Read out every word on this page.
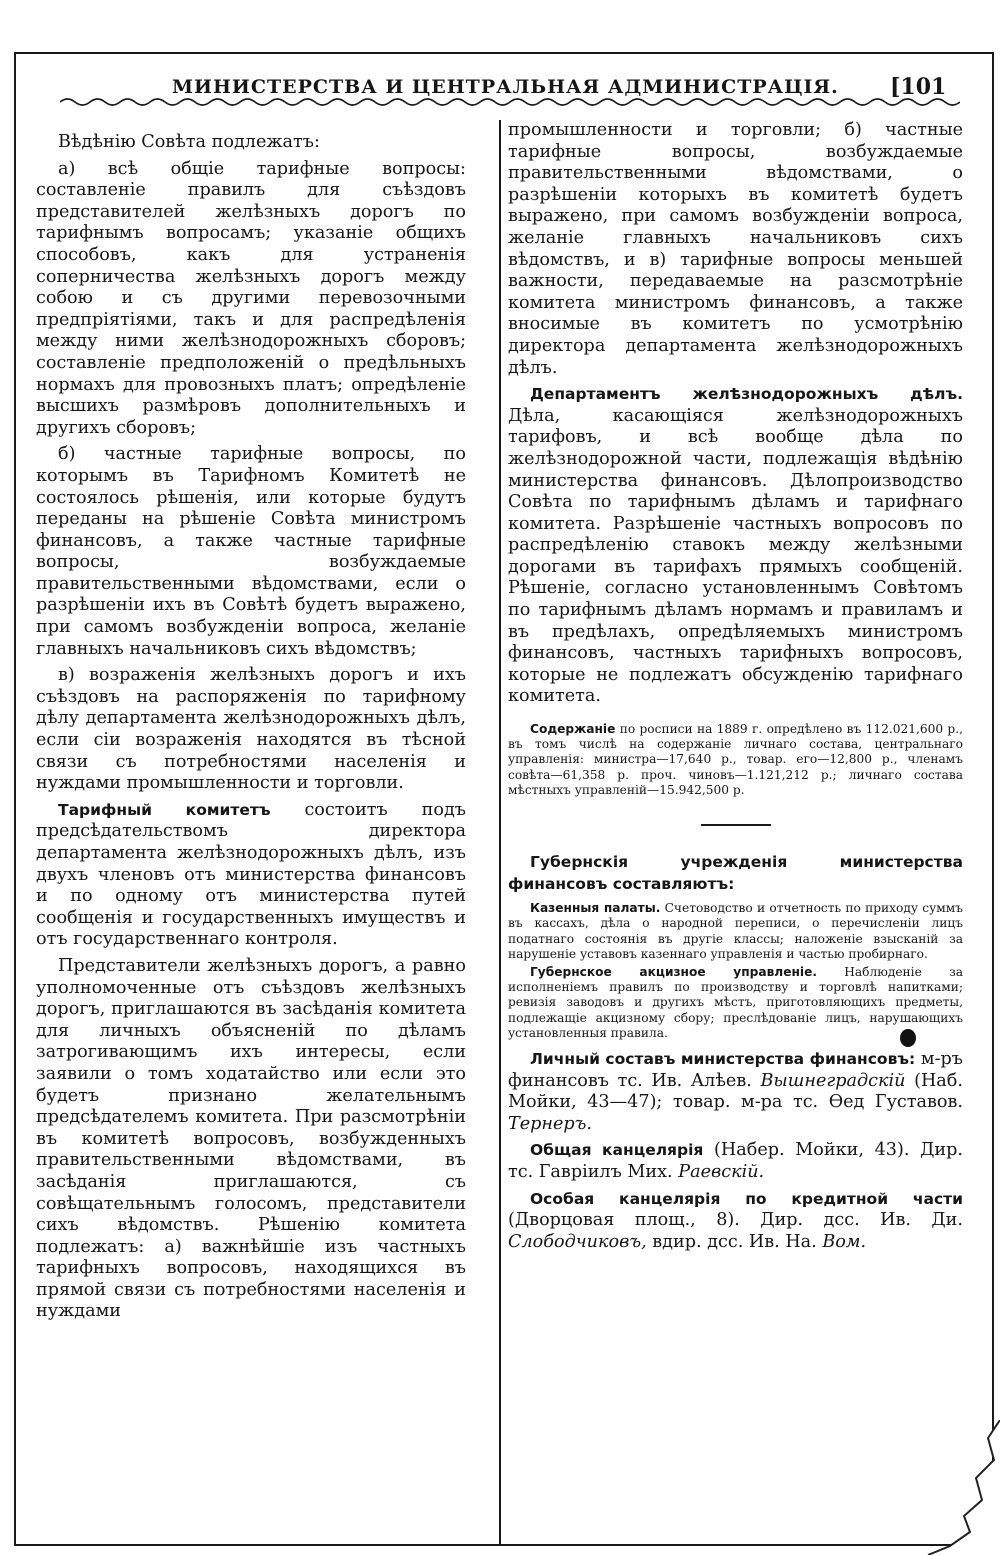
МИНИСТЕРСТВА И ЦЕНТРАЛЬНАЯ АДМИНИСТРАЦІЯ. [101

Вѣдѣнію Совѣта подлежатъ:

а) всѣ общіе тарифные вопросы: составленіе правилъ для съѣздовъ представителей желѣзныхъ дорогъ по тарифнымъ вопросамъ; указаніе общихъ способовъ, какъ для устраненія соперничества желѣзныхъ дорогъ между собою и съ другими перевозочными предпріятіями, такъ и для распредѣленія между ними желѣзнодорожныхъ сборовъ; составленіе предположеній о предѣльныхъ нормахъ для провозныхъ платъ; опредѣленіе высшихъ размѣровъ дополнительныхъ и другихъ сборовъ;

б) частные тарифные вопросы, по которымъ въ Тарифномъ Комитетѣ не состоялось рѣшенія, или которые будутъ переданы на рѣшеніе Совѣта министромъ финансовъ, а также частные тарифные вопросы, возбуждаемые правительственными вѣдомствами, если о разрѣшеніи ихъ въ Совѣтѣ будетъ выражено, при самомъ возбужденіи вопроса, желаніе главныхъ начальниковъ сихъ вѣдомствъ;

в) возраженія желѣзныхъ дорогъ и ихъ съѣздовъ на распоряженія по тарифному дѣлу департамента желѣзнодорожныхъ дѣлъ, если сіи возраженія находятся въ тѣсной связи съ потребностями населенія и нуждами промышленности и торговли.

Тарифный комитетъ состоитъ подъ предсѣдательствомъ директора департамента желѣзнодорожныхъ дѣлъ, изъ двухъ членовъ отъ министерства финансовъ и по одному отъ министерства путей сообщенія и государственныхъ имуществъ и отъ государственнаго контроля.

Представители желѣзныхъ дорогъ, а равно уполномоченные отъ съѣздовъ желѣзныхъ дорогъ, приглашаются въ засѣданія комитета для личныхъ объясненій по дѣламъ затрогивающимъ ихъ интересы, если заявили о томъ ходатайство или если это будетъ признано желательнымъ предсѣдателемъ комитета. При разсмотрѣніи въ комитетѣ вопросовъ, возбужденныхъ правительственными вѣдомствами, въ засѣданія приглашаются, съ совѣщательнымъ голосомъ, представители сихъ вѣдомствъ. Рѣшенію комитета подлежатъ: а) важнѣйшіе изъ частныхъ тарифныхъ вопросовъ, находящихся въ прямой связи съ потребностями населенія и нуждами

промышленности и торговли; б) частные тарифные вопросы, возбуждаемые правительственными вѣдомствами, о разрѣшеніи которыхъ въ комитетѣ будетъ выражено, при самомъ возбужденіи вопроса, желаніе главныхъ начальниковъ сихъ вѣдомствъ, и в) тарифные вопросы меньшей важности, передаваемые на разсмотрѣніе комитета министромъ финансовъ, а также вносимые въ комитетъ по усмотрѣнію директора департамента желѣзнодорожныхъ дѣлъ.

Департаментъ желѣзнодорожныхъ дѣлъ. Дѣла, касающіяся желѣзнодорожныхъ тарифовъ, и всѣ вообще дѣла по желѣзнодорожной части, подлежащія вѣдѣнію министерства финансовъ. Дѣлопроизводство Совѣта по тарифнымъ дѣламъ и тарифнаго комитета. Разрѣшеніе частныхъ вопросовъ по распредѣленію ставокъ между желѣзными дорогами въ тарифахъ прямыхъ сообщеній. Рѣшеніе, согласно установленнымъ Совѣтомъ по тарифнымъ дѣламъ нормамъ и правиламъ и въ предѣлахъ, опредѣляемыхъ министромъ финансовъ, частныхъ тарифныхъ вопросовъ, которые не подлежатъ обсужденію тарифнаго комитета.

Содержаніе по росписи на 1889 г. опредѣлено въ 112.021,600 р., въ томъ числѣ на содержаніе личнаго состава, центральнаго управленія: министра—17,640 р., товар. его—12,800 р., членамъ совѣта—61,358 р. проч. чиновъ—1.121,212 р.; личнаго состава мѣстныхъ управленій—15.942,500 р.

Губернскія учрежденія министерства финансовъ составляютъ:

Казенныя палаты. Счетоводство и отчетность по приходу суммъ въ кассахъ, дѣла о народной переписи, о перечисленіи лицъ податнаго состоянія въ другіе классы; наложеніе взысканій за нарушеніе уставовъ казеннаго управленія и частью пробирнаго.

Губернское акцизное управленіе. Наблюденіе за исполненіемъ правилъ по производству и торговлѣ напитками; ревизія заводовъ и другихъ мѣстъ, приготовляющихъ предметы, подлежащіе акцизному сбору; преслѣдованіе лицъ, нарушающихъ установленныя правила.

Личный составъ министерства финансовъ: м-ръ финансовъ тс. Ив. Алѣев. Вышнеградскій (Наб. Мойки, 43—47); товар. м-ра тс. Ѳед Густавов. Тернеръ.

Общая канцелярія (Набер. Мойки, 43). Дир. тс. Гавріилъ Мих. Раевскій.

Особая канцелярія по кредитной части (Дворцовая площ., 8). Дир. дсс. Ив. Ди. Слободчиковъ, вдир. дсс. Ив. На. Вом.
